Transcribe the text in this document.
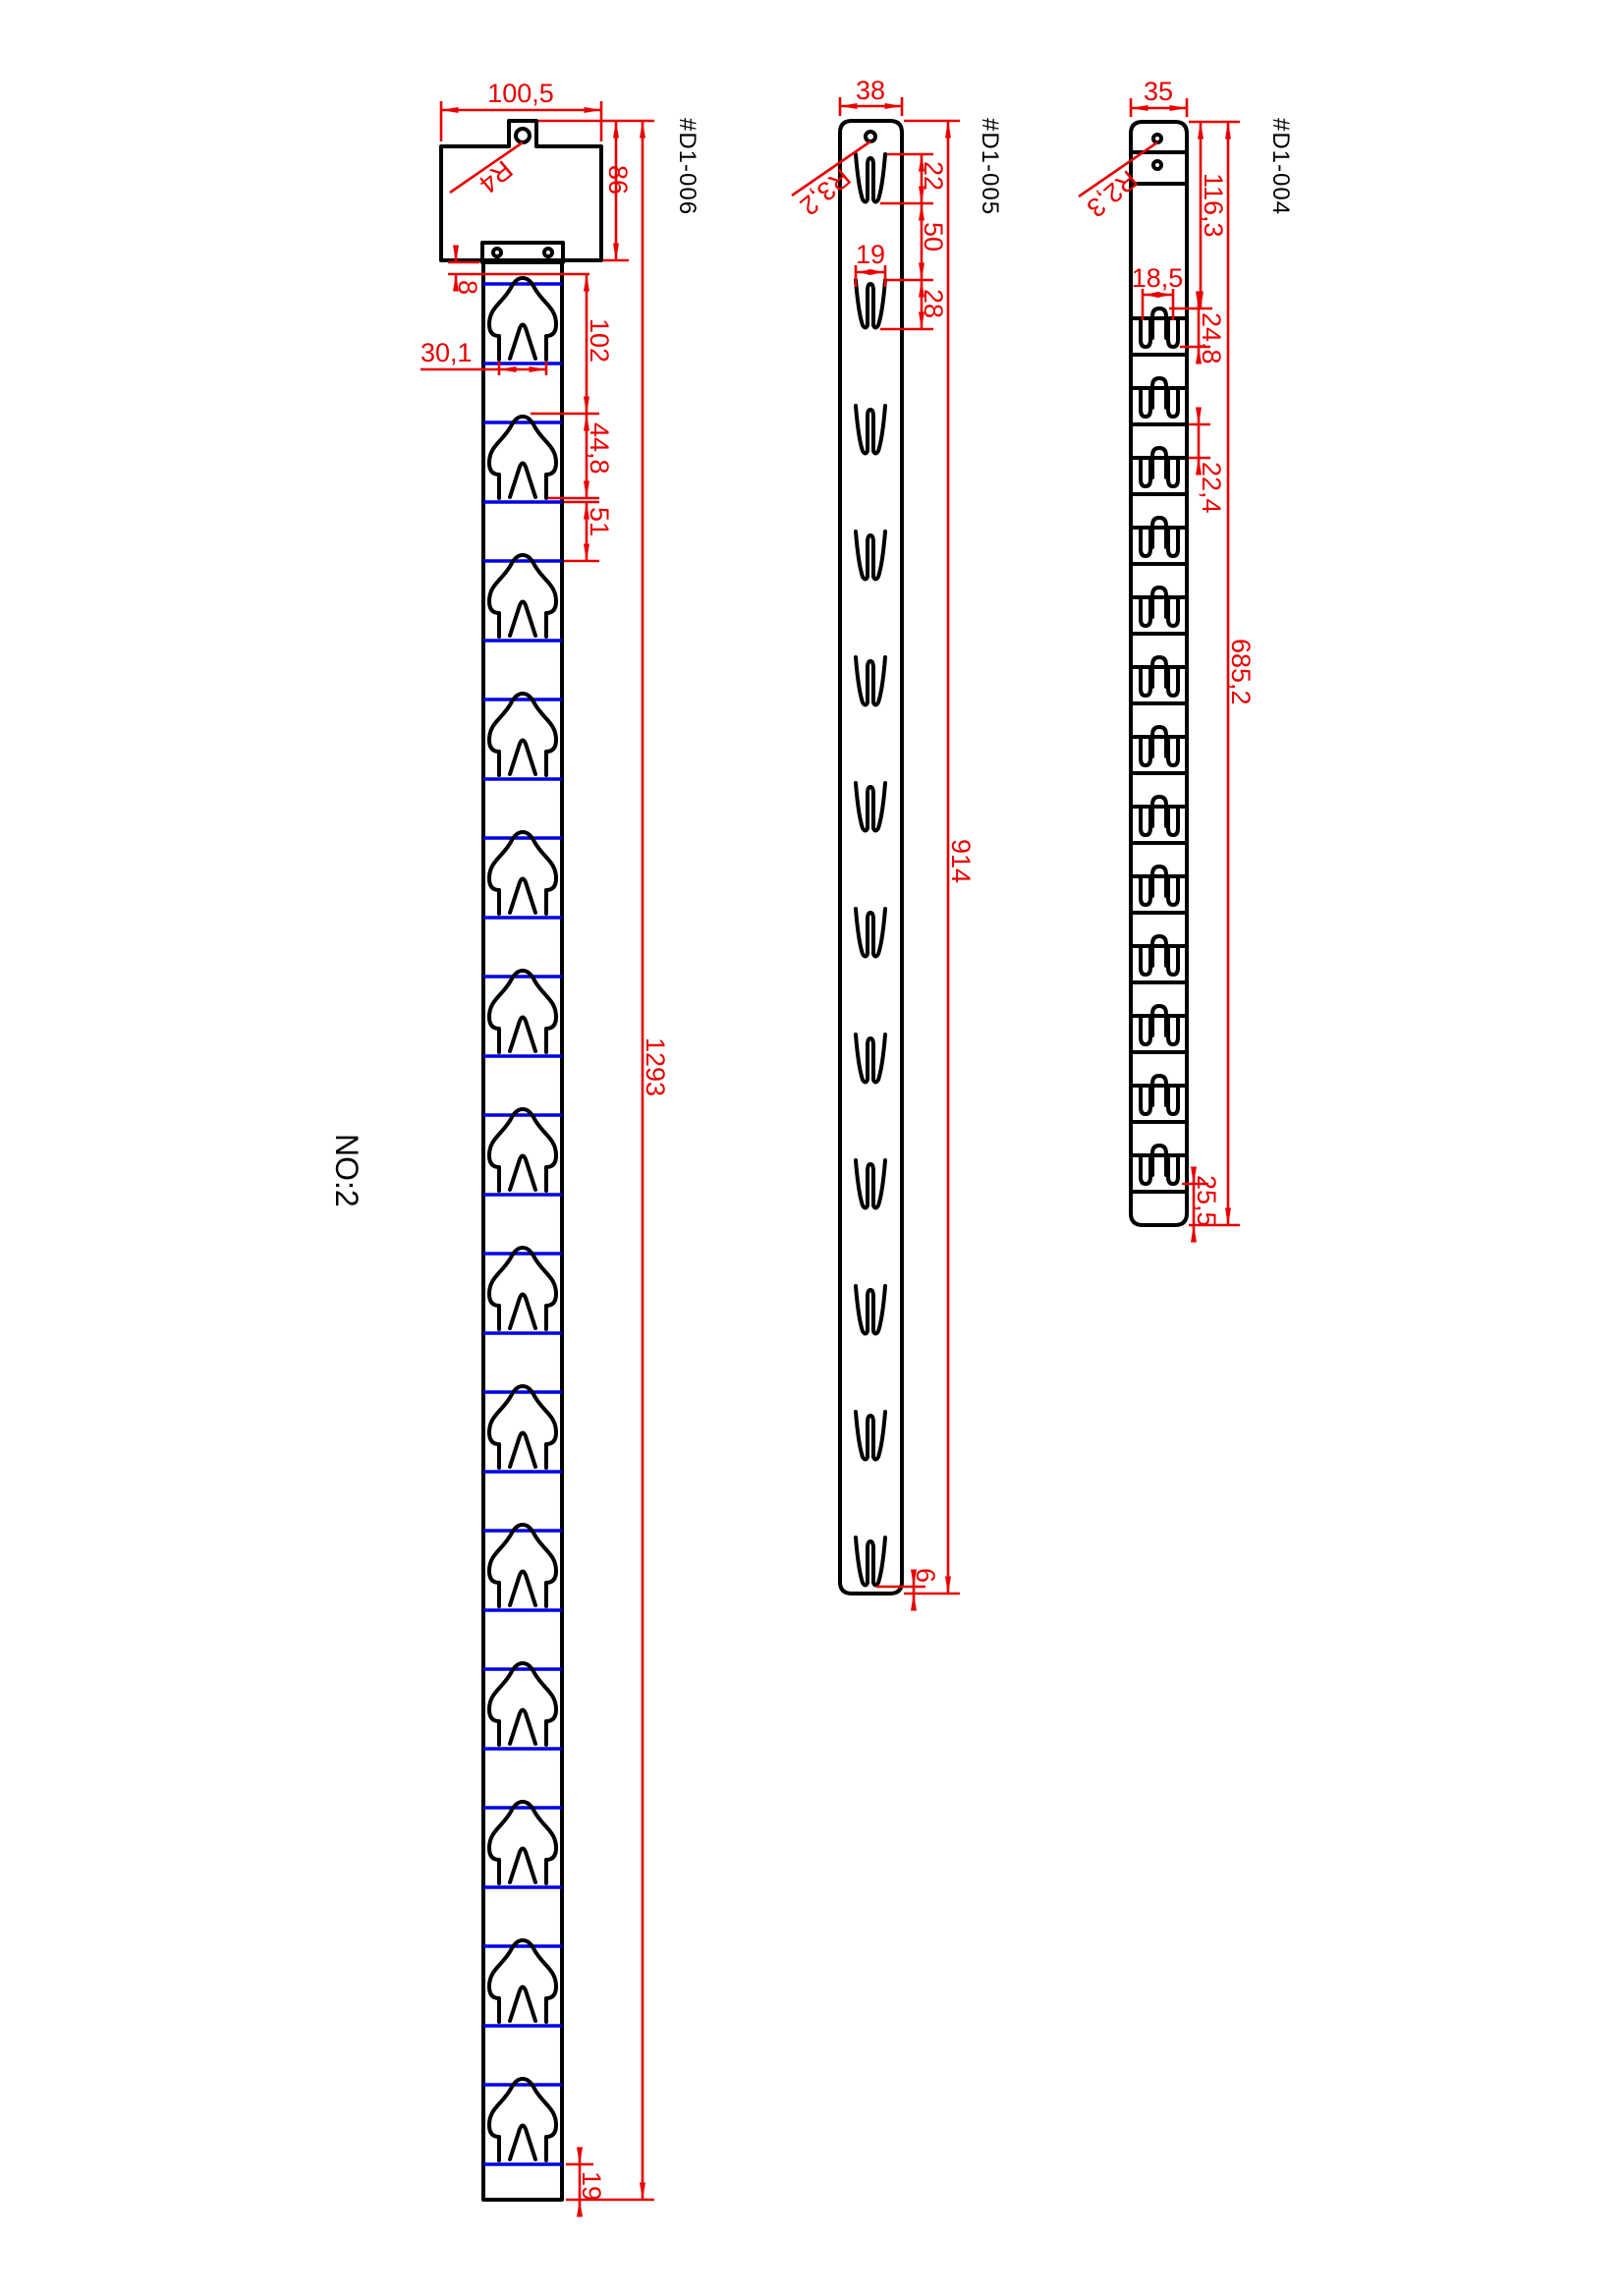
100,5
86
R4
8
30,1	102
44,8
51
1293
19
#D1-006
38
R3,2 22
50
19
28
914
6
#D1-005
35
R2,3 116,3
18,5
24,8
22,4
25,5
685,2
#D1-004
NO:2
